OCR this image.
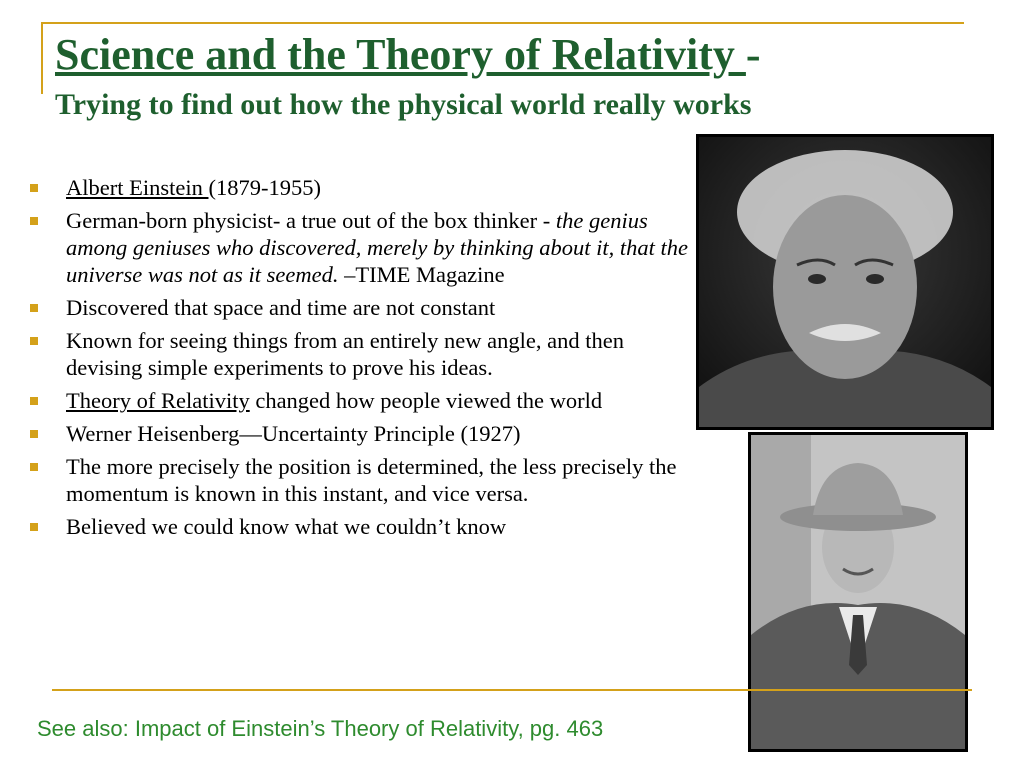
Science and the Theory of Relativity -
Trying to find out how the physical world really works
Albert Einstein (1879-1955)
German-born physicist- a true out of the box thinker - the genius among geniuses who discovered, merely by thinking about it, that the universe was not as it seemed. –TIME Magazine
Discovered that space and time are not constant
Known for seeing things from an entirely new angle, and then devising simple experiments to prove his ideas.
Theory of Relativity changed how people viewed the world
Werner Heisenberg—Uncertainty Principle (1927)
The more precisely the position is determined, the less precisely the momentum is known in this instant, and vice versa.
Believed we could know what we couldn’t know
See also: Impact of Einstein’s Theory of Relativity, pg. 463
